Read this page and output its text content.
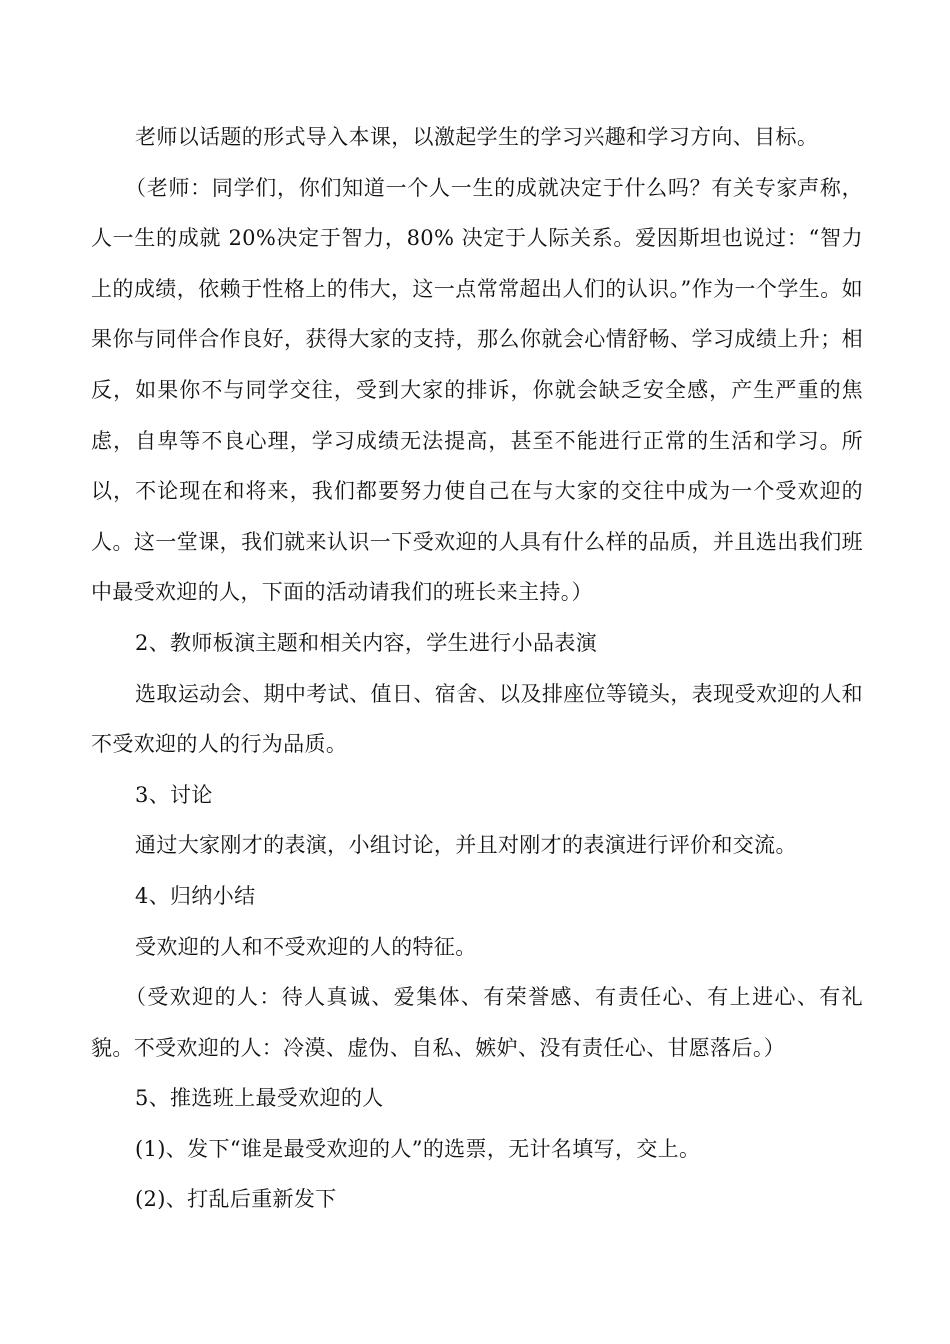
老师以话题的形式导入本课，以激起学生的学习兴趣和学习方向、目标。

（老师：同学们，你们知道一个人一生的成就决定于什么吗？有关专家声称，人一生的成就 20%决定于智力，80% 决定于人际关系。爱因斯坦也说过：“智力上的成绩，依赖于性格上的伟大，这一点常常超出人们的认识。”作为一个学生。如果你与同伴合作良好，获得大家的支持，那么你就会心情舒畅、学习成绩上升；相反，如果你不与同学交往，受到大家的排诉，你就会缺乏安全感，产生严重的焦虑，自卑等不良心理，学习成绩无法提高，甚至不能进行正常的生活和学习。所以，不论现在和将来，我们都要努力使自己在与大家的交往中成为一个受欢迎的人。这一堂课，我们就来认识一下受欢迎的人具有什么样的品质，并且选出我们班中最受欢迎的人，下面的活动请我们的班长来主持。）

2、教师板演主题和相关内容，学生进行小品表演

选取运动会、期中考试、值日、宿舍、以及排座位等镜头，表现受欢迎的人和不受欢迎的人的行为品质。

3、讨论

通过大家刚才的表演，小组讨论，并且对刚才的表演进行评价和交流。

4、归纳小结

受欢迎的人和不受欢迎的人的特征。

（受欢迎的人：待人真诚、爱集体、有荣誉感、有责任心、有上进心、有礼貌。不受欢迎的人：冷漠、虚伪、自私、嫉妒、没有责任心、甘愿落后。）

5、推选班上最受欢迎的人

(1)、发下“谁是最受欢迎的人”的选票，无计名填写，交上。

(2)、打乱后重新发下
